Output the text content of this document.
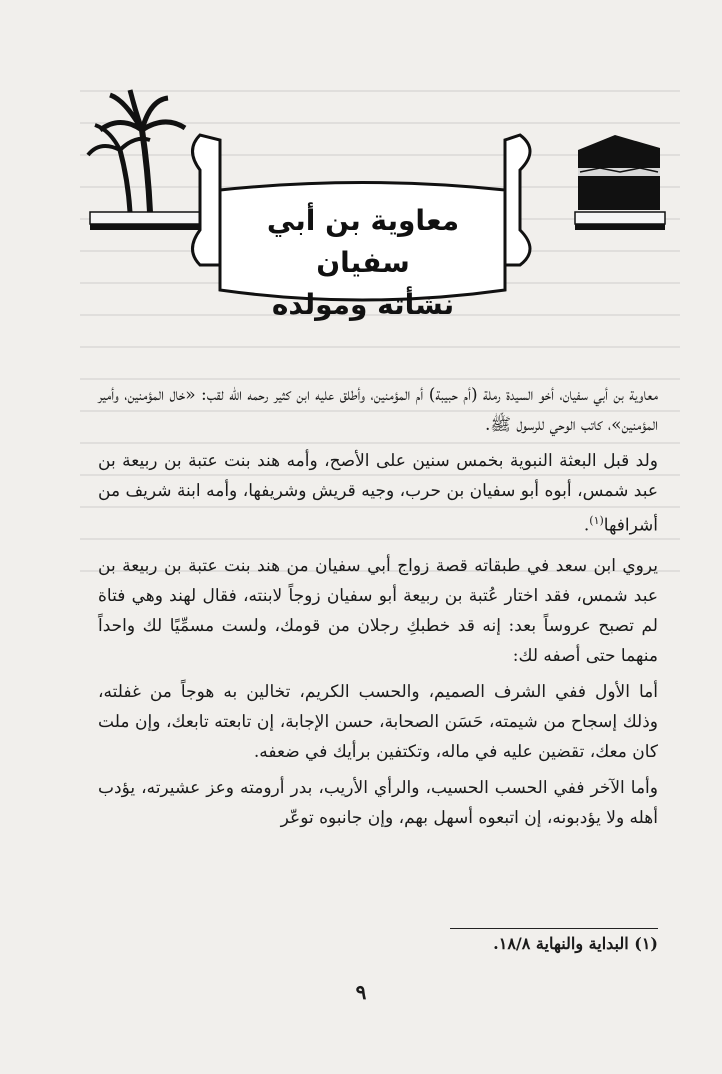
معاوية بن أبي سفيان
نشأته ومولده

معاوية بن أبي سفيان، أخو السيدة رملة (أم حبيبة) أم المؤمنين، وأطلق عليه ابن كثير رحمه الله لقب: «خال المؤمنين، وأمير المؤمنين»، كاتب الوحي للرسول ﷺ.

ولد قبل البعثة النبوية بخمس سنين على الأصح، وأمه هند بنت عتبة بن ربيعة بن عبد شمس، أبوه أبو سفيان بن حرب، وجيه قريش وشريفها، وأمه ابنة شريف من أشرافها$^{(١)}$.

يروي ابن سعد في طبقاته قصة زواج أبي سفيان من هند بنت عتبة بن ربيعة بن عبد شمس، فقد اختار عُتبة بن ربيعة أبو سفيان زوجاً لابنته، فقال لهند وهي فتاة لم تصبح عروساً بعد: إنه قد خطبكِ رجلان من قومك، ولست مسمِّيًا لك واحداً منهما حتى أصفه لك:

أما الأول ففي الشرف الصميم، والحسب الكريم، تخالين به هوجاً من غفلته، وذلك إسجاح من شيمته، حَسَن الصحابة، حسن الإجابة، إن تابعته تابعك، وإن ملت كان معك، تقضين عليه في ماله، وتكتفين برأيك في ضعفه.

وأما الآخر ففي الحسب الحسيب، والرأي الأريب، بدر أرومته وعز عشيرته، يؤدب أهله ولا يؤدبونه، إن اتبعوه أسهل بهم، وإن جانبوه توعّر

(١) البداية والنهاية ١٨/٨.
٩
